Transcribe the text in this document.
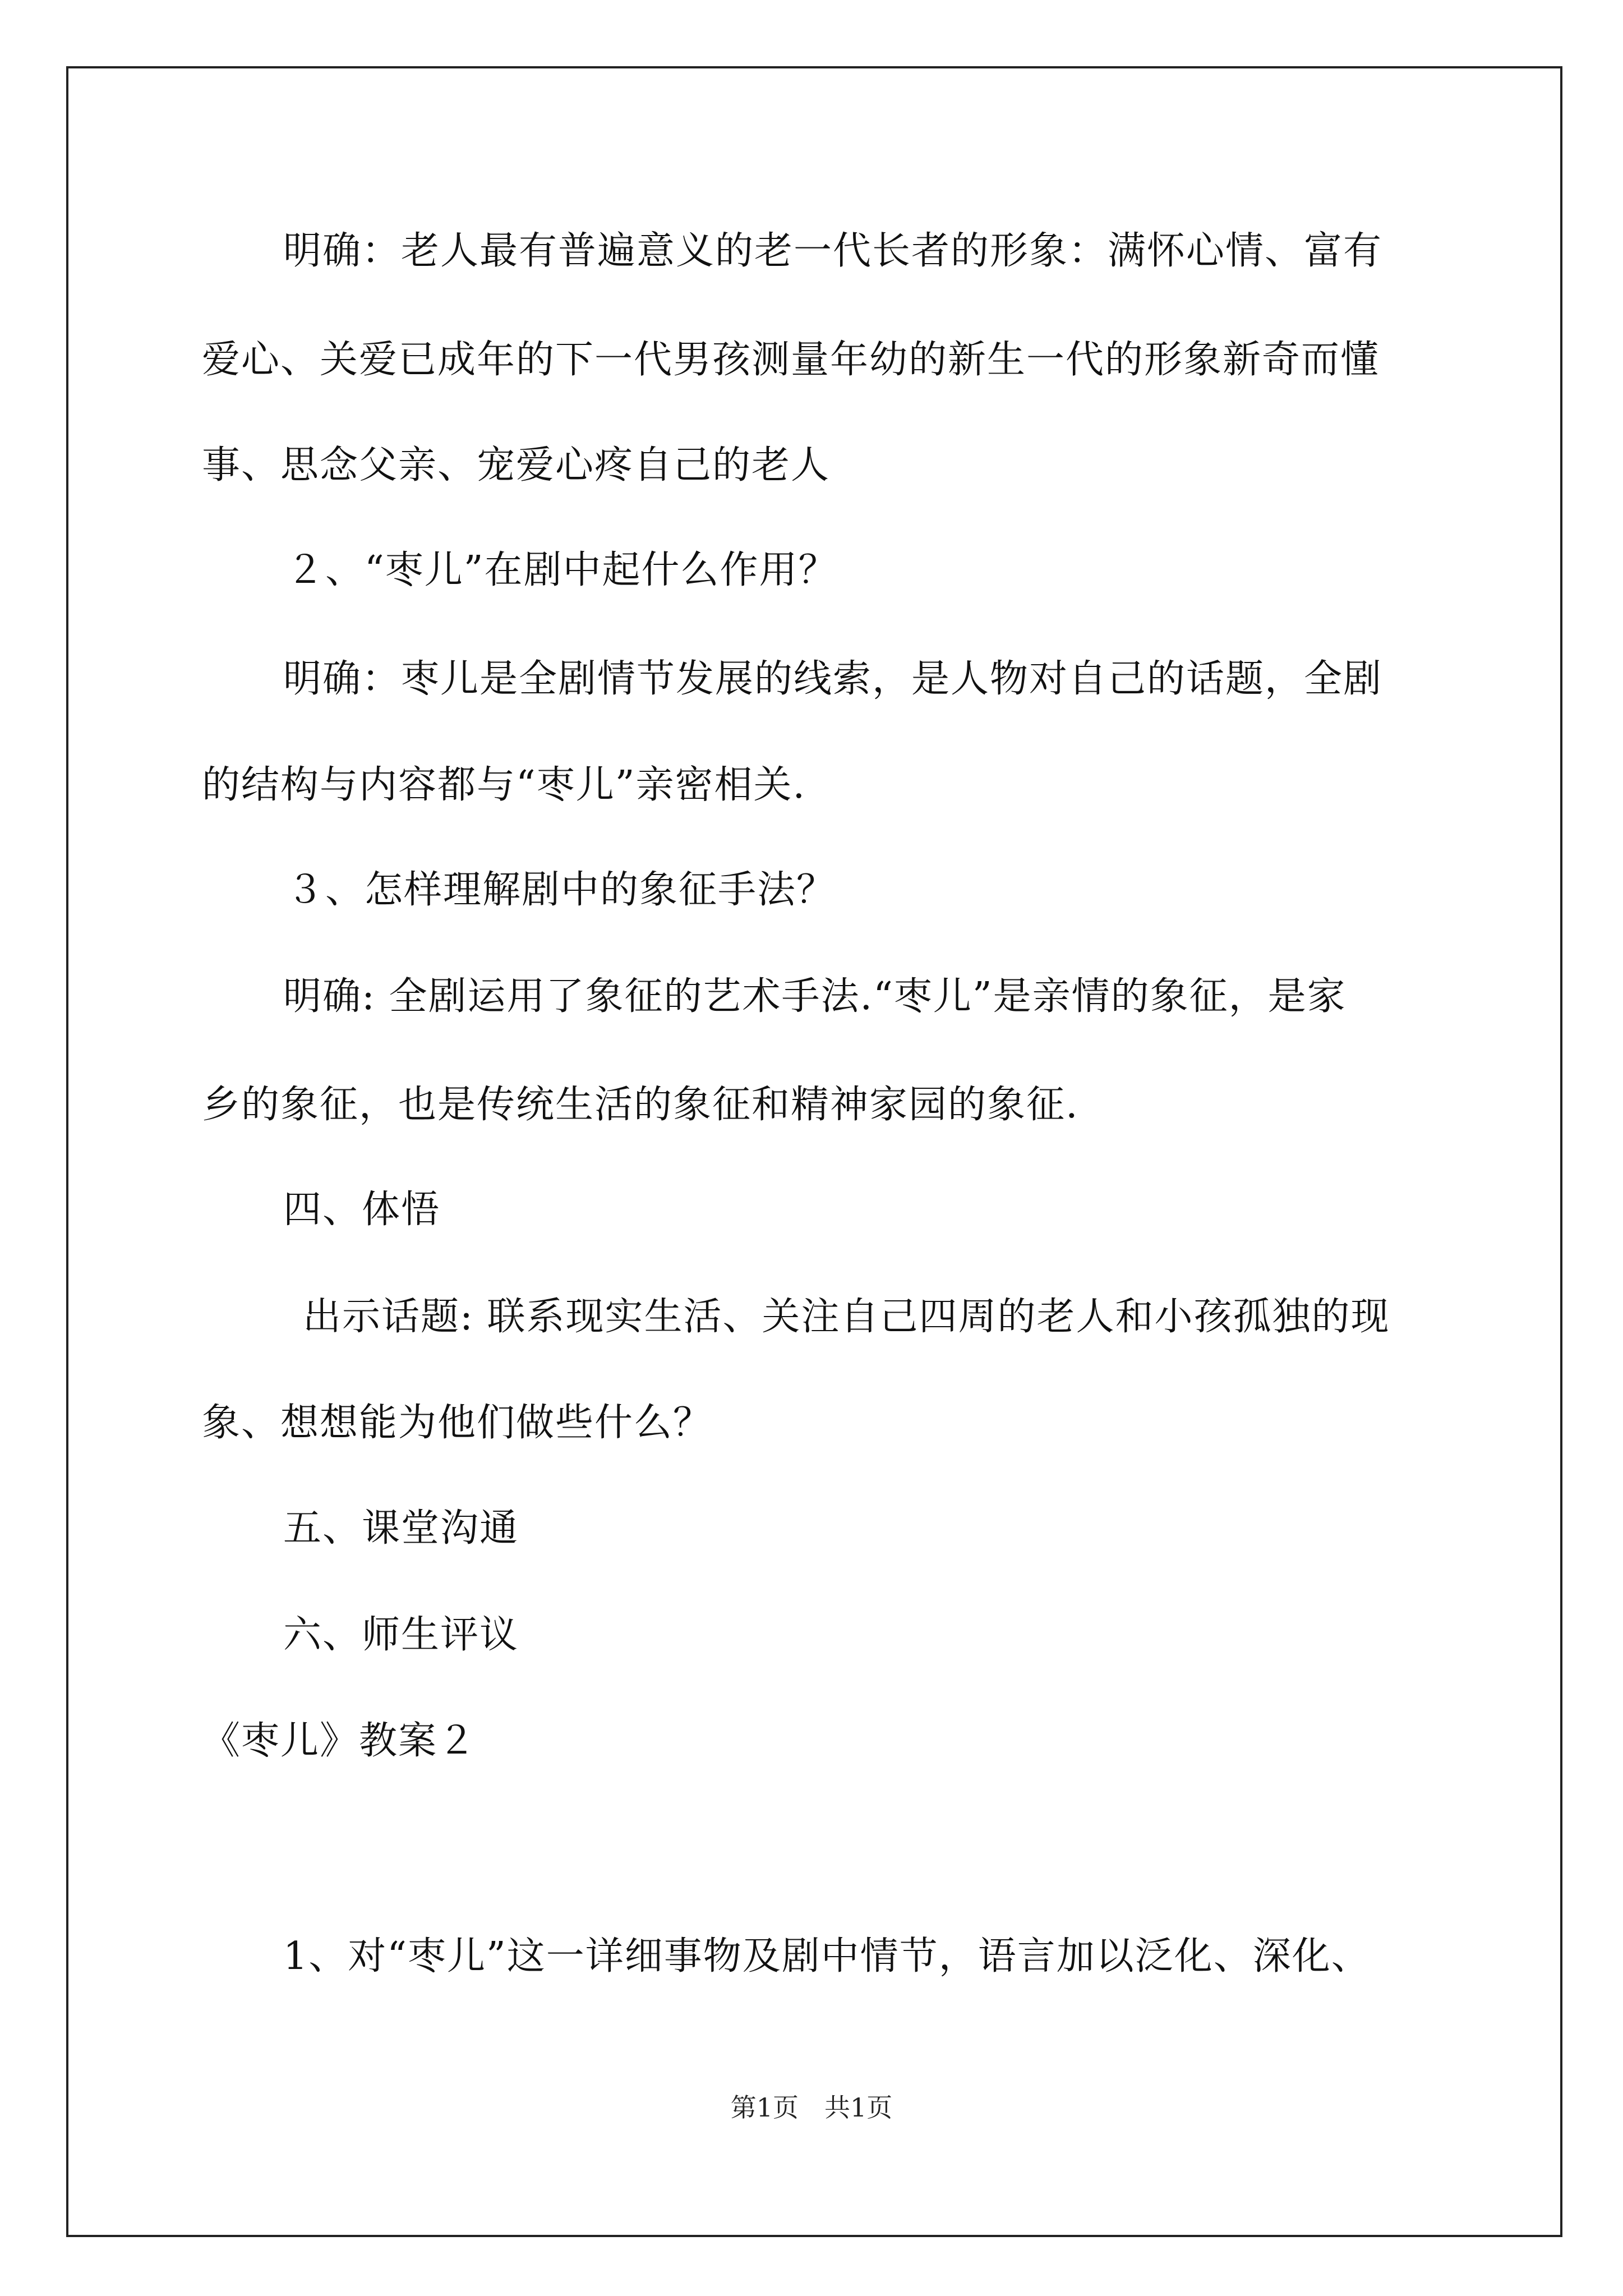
明确：老人最有普遍意义的老一代长者的形象：满怀心情、富有
爱心、关爱已成年的下一代男孩测量年幼的新生一代的形象新奇而懂
事、思念父亲、宠爱心疼自己的老人
２、“枣儿”在剧中起什么作用？
明确：枣儿是全剧情节发展的线索，是人物对自己的话题，全剧
的结构与内容都与“枣儿”亲密相关.
３、怎样理解剧中的象征手法？
明确: 全剧运用了象征的艺术手法.“枣儿”是亲情的象征，是家
乡的象征，也是传统生活的象征和精神家园的象征.
四、体悟
出示话题: 联系现实生活、关注自己四周的老人和小孩孤独的现
象、想想能为他们做些什么？
五、课堂沟通
六、师生评议
《枣儿》教案２
1、对“枣儿”这一详细事物及剧中情节，语言加以泛化、深化、
第1页　共1页
